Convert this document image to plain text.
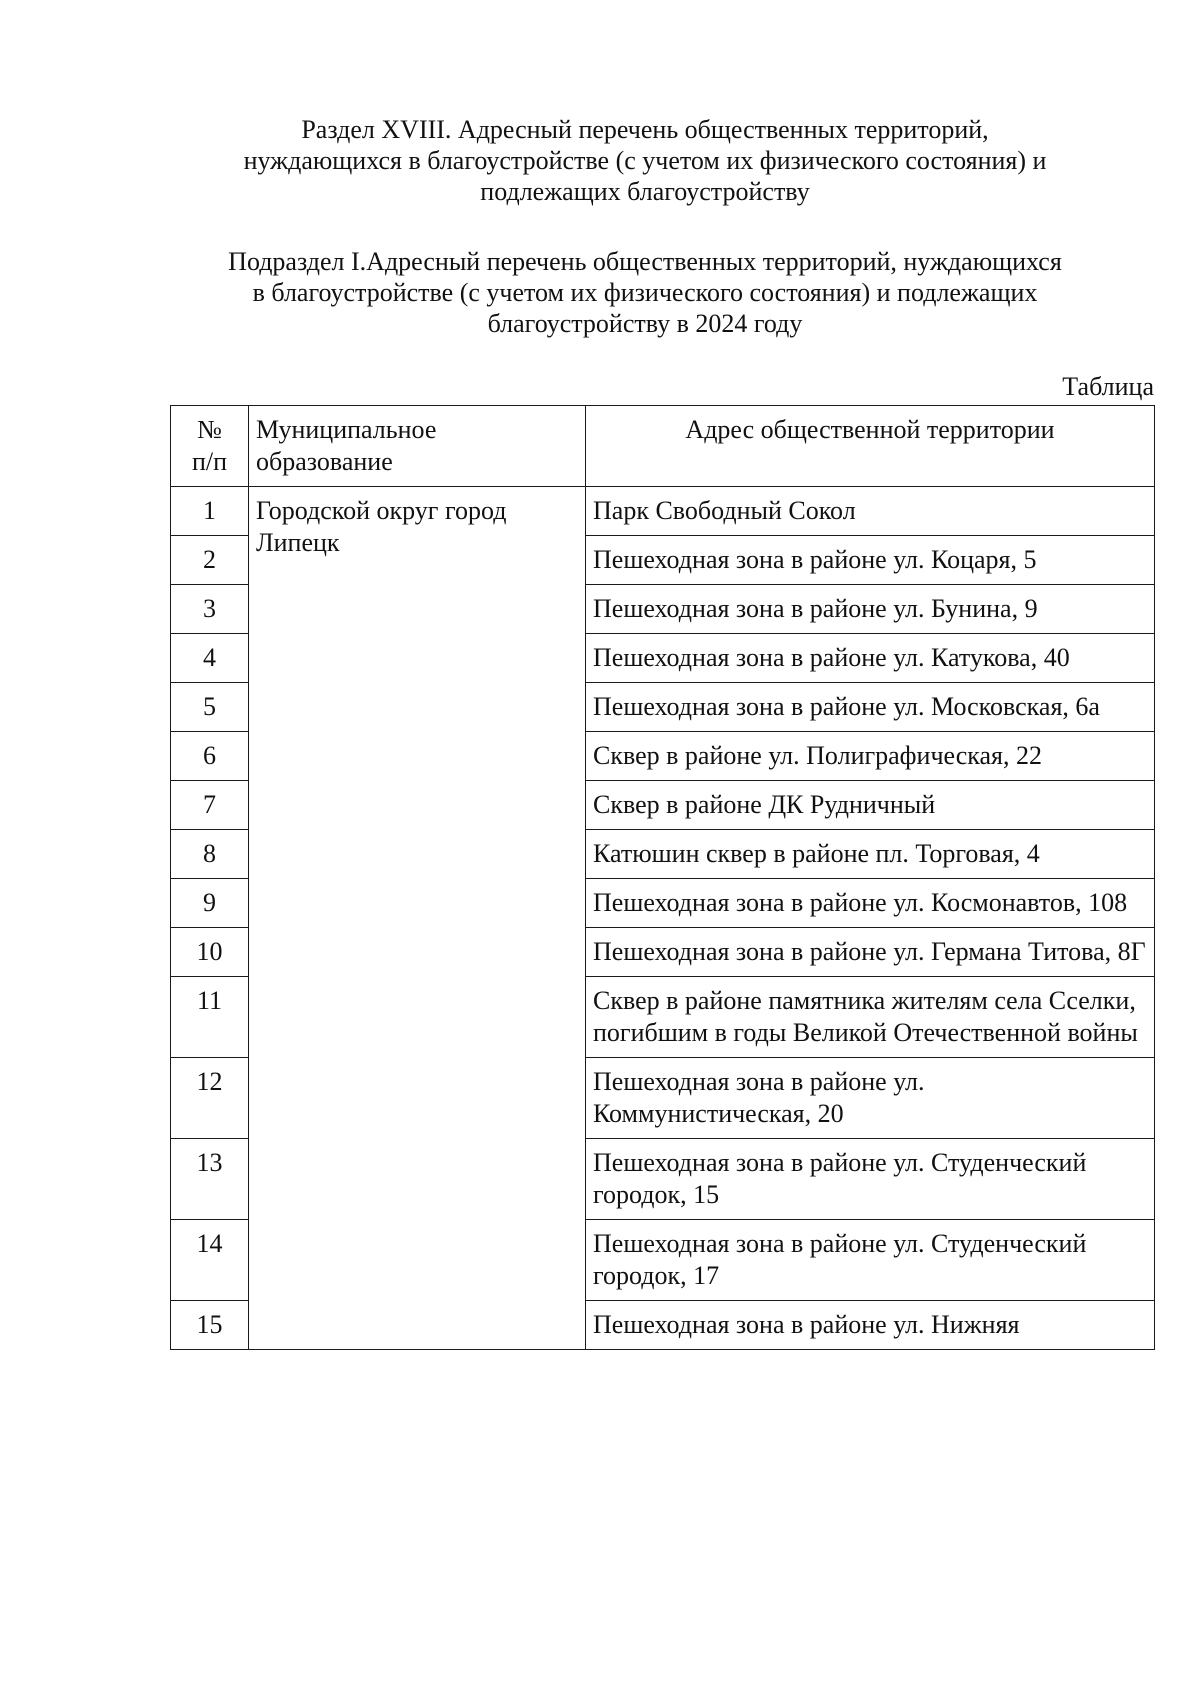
Раздел XVIII. Адресный перечень общественных территорий,

нуждающихся в благоустройстве (с учетом их физического состояния) и

подлежащих благоустройству

Подраздел I.Адресный перечень общественных территорий, нуждающихся

в благоустройстве (с учетом их физического состояния) и подлежащих

благоустройству в 2024 году

Таблица
№
п/п	Муниципальное образование	Адрес общественной территории
1	Городской округ город Липецк	Парк Свободный Сокол
2		Пешеходная зона в районе ул. Коцаря, 5
3		Пешеходная зона в районе ул. Бунина, 9
4		Пешеходная зона в районе ул. Катукова, 40
5		Пешеходная зона в районе ул. Московская, 6а
6		Сквер в районе ул. Полиграфическая, 22
7		Сквер в районе ДК Рудничный
8		Катюшин сквер в районе пл. Торговая, 4
9		Пешеходная зона в районе ул. Космонавтов, 108
10		Пешеходная зона в районе ул. Германа Титова, 8Г
11		Сквер в районе памятника жителям села Сселки, погибшим в годы Великой Отечественной войны
12		Пешеходная зона в районе ул. Коммунистическая, 20
13		Пешеходная зона в районе ул. Студенческий городок, 15
14		Пешеходная зона в районе ул. Студенческий городок, 17
15		Пешеходная зона в районе ул. Нижняя
